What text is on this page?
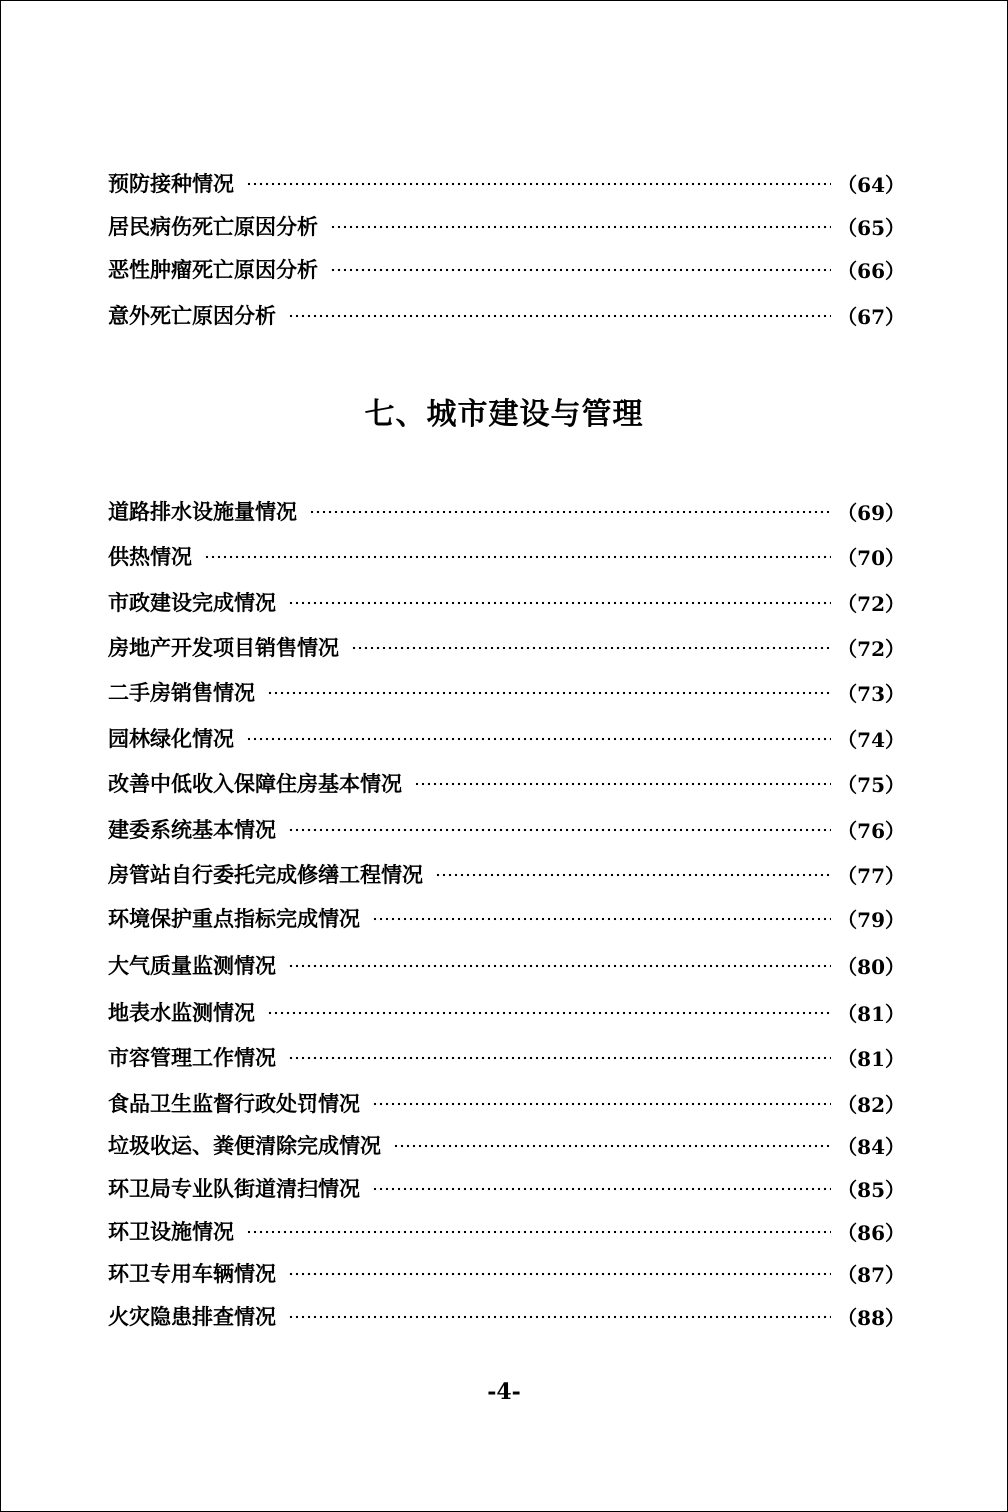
预防接种情况	（64）
居民病伤死亡原因分析	（65）
恶性肿瘤死亡原因分析	（66）
意外死亡原因分析	（67）
七、城市建设与管理
道路排水设施量情况	（69）
供热情况	（70）
市政建设完成情况	（72）
房地产开发项目销售情况	（72）
二手房销售情况	（73）
园林绿化情况	（74）
改善中低收入保障住房基本情况	（75）
建委系统基本情况	（76）
房管站自行委托完成修缮工程情况	（77）
环境保护重点指标完成情况	（79）
大气质量监测情况	（80）
地表水监测情况	（81）
市容管理工作情况	（81）
食品卫生监督行政处罚情况	（82）
垃圾收运、粪便清除完成情况	（84）
环卫局专业队街道清扫情况	（85）
环卫设施情况	（86）
环卫专用车辆情况	（87）
火灾隐患排查情况	（88）
-4-
